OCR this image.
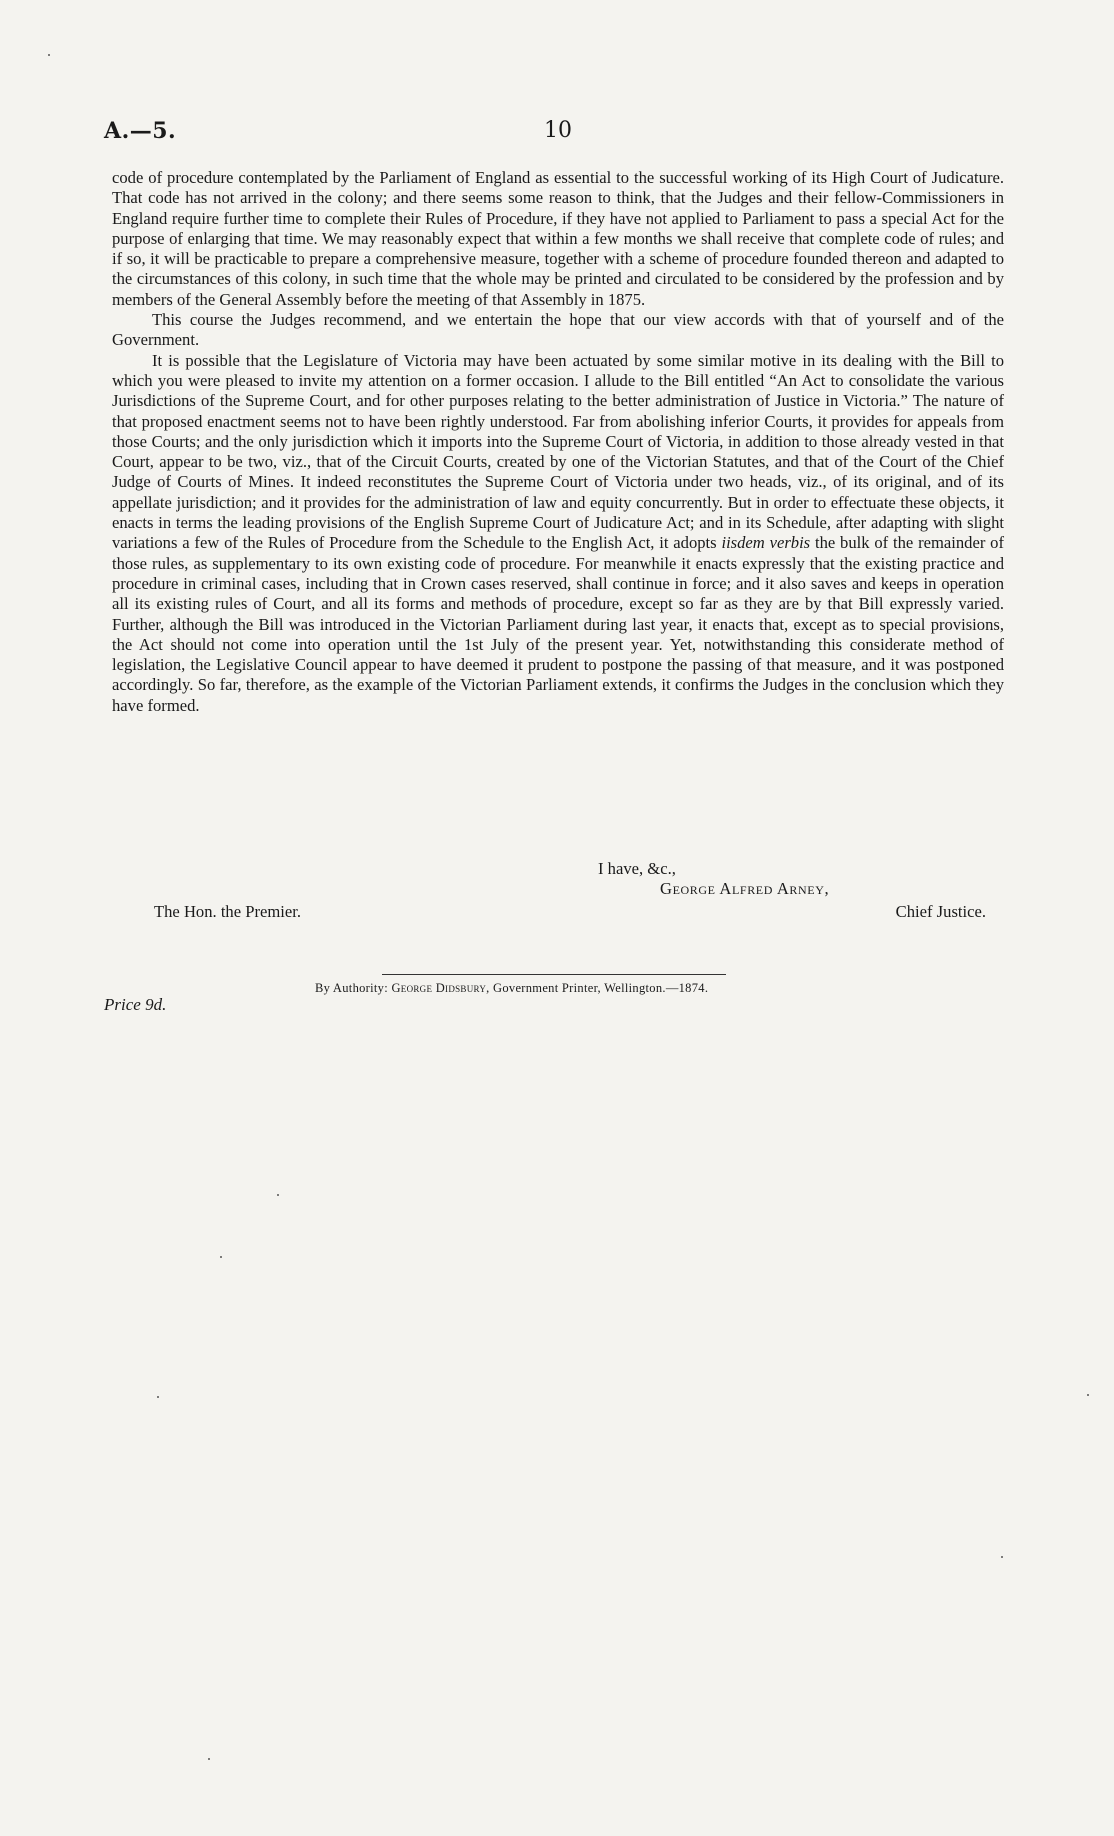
A.—5.	10

code of procedure contemplated by the Parliament of England as essential to the successful working of its High Court of Judicature. That code has not arrived in the colony; and there seems some reason to think, that the Judges and their fellow-Commissioners in England require further time to complete their Rules of Procedure, if they have not applied to Parliament to pass a special Act for the purpose of enlarging that time. We may reasonably expect that within a few months we shall receive that complete code of rules; and if so, it will be practicable to prepare a comprehensive measure, together with a scheme of procedure founded thereon and adapted to the circumstances of this colony, in such time that the whole may be printed and circulated to be considered by the profession and by members of the General Assembly before the meeting of that Assembly in 1875.

This course the Judges recommend, and we entertain the hope that our view accords with that of yourself and of the Government.

It is possible that the Legislature of Victoria may have been actuated by some similar motive in its dealing with the Bill to which you were pleased to invite my attention on a former occasion. I allude to the Bill entitled “An Act to consolidate the various Jurisdictions of the Supreme Court, and for other purposes relating to the better administration of Justice in Victoria.” The nature of that proposed enactment seems not to have been rightly understood. Far from abolishing inferior Courts, it provides for appeals from those Courts; and the only jurisdiction which it imports into the Supreme Court of Victoria, in addition to those already vested in that Court, appear to be two, viz., that of the Circuit Courts, created by one of the Victorian Statutes, and that of the Court of the Chief Judge of Courts of Mines. It indeed reconstitutes the Supreme Court of Victoria under two heads, viz., of its original, and of its appellate jurisdiction; and it provides for the administration of law and equity concurrently. But in order to effectuate these objects, it enacts in terms the leading provisions of the English Supreme Court of Judicature Act; and in its Schedule, after adapting with slight variations a few of the Rules of Procedure from the Schedule to the English Act, it adopts iisdem verbis the bulk of the remainder of those rules, as supplementary to its own existing code of procedure. For meanwhile it enacts expressly that the existing practice and procedure in criminal cases, including that in Crown cases reserved, shall continue in force; and it also saves and keeps in operation all its existing rules of Court, and all its forms and methods of procedure, except so far as they are by that Bill expressly varied. Further, although the Bill was introduced in the Victorian Parliament during last year, it enacts that, except as to special provisions, the Act should not come into operation until the 1st July of the present year. Yet, notwithstanding this considerate method of legislation, the Legislative Council appear to have deemed it prudent to postpone the passing of that measure, and it was postponed accordingly. So far, therefore, as the example of the Victorian Parliament extends, it confirms the Judges in the conclusion which they have formed.

I have, &c.,
George Alfred Arney,
The Hon. the Premier.	Chief Justice.
By Authority: George Didsbury, Government Printer, Wellington.—1874.
Price 9d.
